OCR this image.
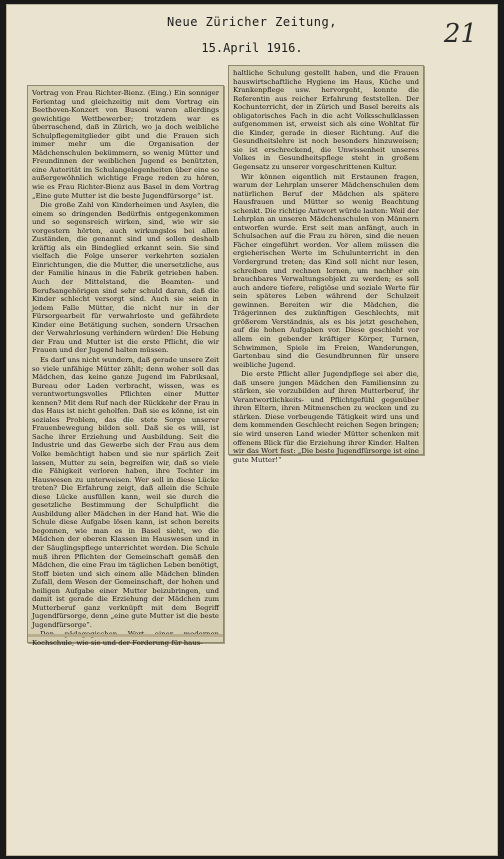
Neue Züricher Zeitung,
15.April 1916.	21

Vortrag von Frau Richter-Bienz. (Eing.) Ein sonniger Ferientag und gleichzeitig mit dem Vortrag ein Beethoven-Konzert von Busoni waren allerdings gewichtige Wettbewerber; trotzdem war es überraschend, daß in Zürich, wo ja doch weibliche Schulpflegemitglieder gibt und die Frauen sich immer mehr um die Organisation der Mädchenschulen bekümmern, so wenig Mütter und Freundinnen der weiblichen Jugend es benützten, eine Autorität im Schulangelegenheiten über eine so außergewöhnlich wichtige Frage reden zu hören, wie es Frau Richter-Bienz aus Basel in dem Vortrag „Eine gute Mutter ist die beste Jugendfürsorge“ ist.

Die große Zahl von Kinderheimen und Asylen, die einem so dringenden Bedürfnis entgegenkommen und so segensreich wirken, sind, wie wir sie vorgestern hörten, auch wirkungslos bei allen Zuständen, die genannt sind und sollen deshalb kräftig als ein Bindeglied erkannt sein. Sie sind vielfach die Folge unserer verkehrten sozialen Einrichtungen, die die Mutter, die unersetzliche, aus der Familie hinaus in die Fabrik getrieben haben. Auch der Mittelstand, die Beamten- und Berufsangehörigen sind sehr schuld daran, daß die Kinder schlecht versorgt sind. Auch sie seien in jedem Falle Mütter, die nicht nur in der Fürsorgearbeit für verwahrloste und gefährdete Kinder eine Betätigung suchen, sondern Ursachen der Verwahrlosung verhindern würden! Die Hebung der Frau und Mutter ist die erste Pflicht, die wir Frauen und der Jugend halten müssen.

Es darf uns nicht wundern, daß gerade unsere Zeit so viele unfähige Mütter zählt; denn woher soll das Mädchen, das keine ganze Jugend im Fabriksaal, Bureau oder Laden verbracht, wissen, was es verantwortungsvolles Pflichten einer Mutter kennen? Mit dem Ruf nach der Rückkehr der Frau in das Haus ist nicht geholfen. Daß sie es könne, ist ein soziales Problem, das die stete Sorge unserer Frauenbewegung bilden soll. Daß sie es will, ist Sache ihrer Erziehung und Ausbildung. Seit die Industrie und das Gewerbe sich der Frau aus dem Volke bemächtigt haben und sie nur spärlich Zeit lassen, Mutter zu sein, begreifen wir, daß so viele die Fähigkeit verloren haben, ihre Tochter im Hauswesen zu unterweisen. Wer soll in diese Lücke treten? Die Erfahrung zeigt, daß allein die Schule diese Lücke ausfüllen kann, weil sie durch die gesetzliche Bestimmung der Schulpflicht die Ausbildung aller Mädchen in der Hand hat. Wie die Schule diese Aufgabe lösen kann, ist schon bereits begonnen, wie man es in Basel sieht, wo die Mädchen der oberen Klassen im Hauswesen und in der Säuglingspflege unterrichtet werden. Die Schule muß ihren Pflichten der Gemeinschaft gemäß den Mädchen, die eine Frau im täglichen Leben benötigt, Stoff bieten und sich einem alle Mädchen blinden Zufall, dem Wesen der Gemeinschaft, der hohen und heiligen Aufgabe einer Mutter beizubringen, und damit ist gerade die Erziehung der Mädchen zum Mutterberuf ganz verknüpft mit dem Begriff Jugendfürsorge, denn „eine gute Mutter ist die beste Jugendfürsorge“.

Kochschule, wie sie und der Forderung für haus-

haltliche Schulung gestellt haben, und die Frauen hauswirtschaftliche Hygiene im Haus, Küche und Krankenpflege usw. hervorgeht, konnte die Referentin aus reicher Erfahrung feststellen. Der Kochunterricht, der in Zürich und Basel bereits als obligatorisches Fach in die acht Volksschulklassen aufgenommen ist, erweist sich als eine Wohltat für die Kinder, gerade in dieser Richtung. Auf die Gesundheitslehre ist noch besonders hinzuweisen; sie ist erschreckend, die Unwissenheit unseres Volkes in Gesundheitspflege steht in großem Gegensatz zu unserer vorgeschrittenen Kultur.

Wir können eigentlich mit Erstaunen fragen, warum der Lehrplan unserer Mädchenschulen dem natürlichen Beruf der Mädchen als spätere Hausfrauen und Mütter so wenig Beachtung schenkt. Die richtige Antwort würde lauten: Weil der Lehrplan an unseren Mädchenschulen von Männern entworfen wurde. Erst seit man anfängt, auch in Schulsachen auf die Frau zu hören, sind die neuen Fächer eingeführt worden. Vor allem müssen die ergieherischen Werte im Schulunterricht in den Vordergrund treten; das Kind soll nicht nur lesen, schreiben und rechnen lernen, um nachher ein brauchbares Verwaltungsobjekt zu werden; es soll auch andere tiefere, religiöse und soziale Werte für sein späteres Leben während der Schulzeit gewinnen. Bereiten wir die Mädchen, die Trägerinnen des zukünftigen Geschlechts, mit größerem Verständnis, als es bis jetzt geschehen, auf die hohen Aufgaben vor. Diese geschieht vor allem ein gebender kräftiger Körper, Turnen, Schwimmen, Spiele im Freien, Wanderungen, Gartenbau sind die Gesundbrunnen für unsere weibliche Jugend.

Die erste Pflicht aller Jugendpflege sei aber die, daß unsere jungen Mädchen den Familiensinn zu stärken, sie vorzubilden auf ihren Mutterberuf, ihr Verantwortlichkeits- und Pflichtgefühl gegenüber ihren Eltern, ihren Mitmenschen zu wecken und zu stärken. Diese vorbeugende Tätigkeit wird uns und dem kommenden Geschlecht reichen Segen bringen; sie wird unseren Land wieder Mütter schenken mit offenem Blick für die Erziehung ihrer Kinder. Halten wir das Wort fest: „Die beste Jugendfürsorge ist eine gute Mutter!“
